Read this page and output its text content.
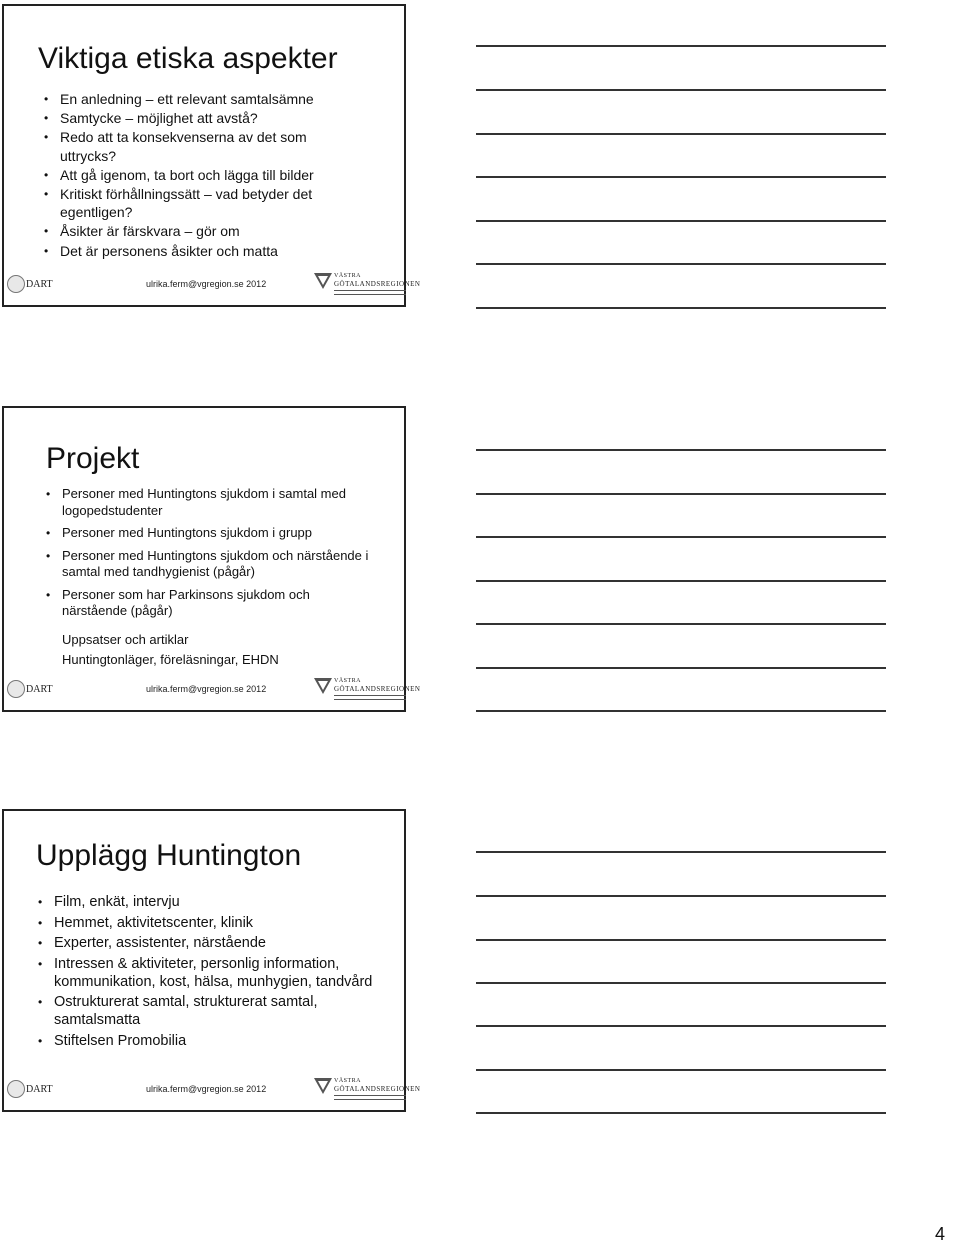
Viktiga etiska aspekter
• En anledning – ett relevant samtalsämne
• Samtycke – möjlighet att avstå?
• Redo att ta konsekvenserna av det som uttrycks?
• Att gå igenom, ta bort och lägga till bilder
• Kritiskt förhållningssätt – vad betyder det egentligen?
• Åsikter är färskvara – gör om
• Det är personens åsikter och matta
DART	ulrika.ferm@vgregion.se 2012
VÄSTRA
GÖTALANDSREGIONEN
Projekt
• Personer med Huntingtons sjukdom i samtal med logopedstudenter
• Personer med Huntingtons sjukdom i grupp
• Personer med Huntingtons sjukdom och närstående i samtal med tandhygienist (pågår)
• Personer som har Parkinsons sjukdom och närstående (pågår)
Uppsatser och artiklar
Huntingtonläger, föreläsningar, EHDN
DART	ulrika.ferm@vgregion.se 2012
VÄSTRA
GÖTALANDSREGIONEN
Upplägg Huntington
• Film, enkät, intervju
• Hemmet, aktivitetscenter, klinik
• Experter, assistenter, närstående
• Intressen & aktiviteter, personlig information, kommunikation, kost, hälsa, munhygien, tandvård
• Ostrukturerat samtal, strukturerat samtal, samtalsmatta
• Stiftelsen Promobilia
DART	ulrika.ferm@vgregion.se 2012
VÄSTRA
GÖTALANDSREGIONEN
4
